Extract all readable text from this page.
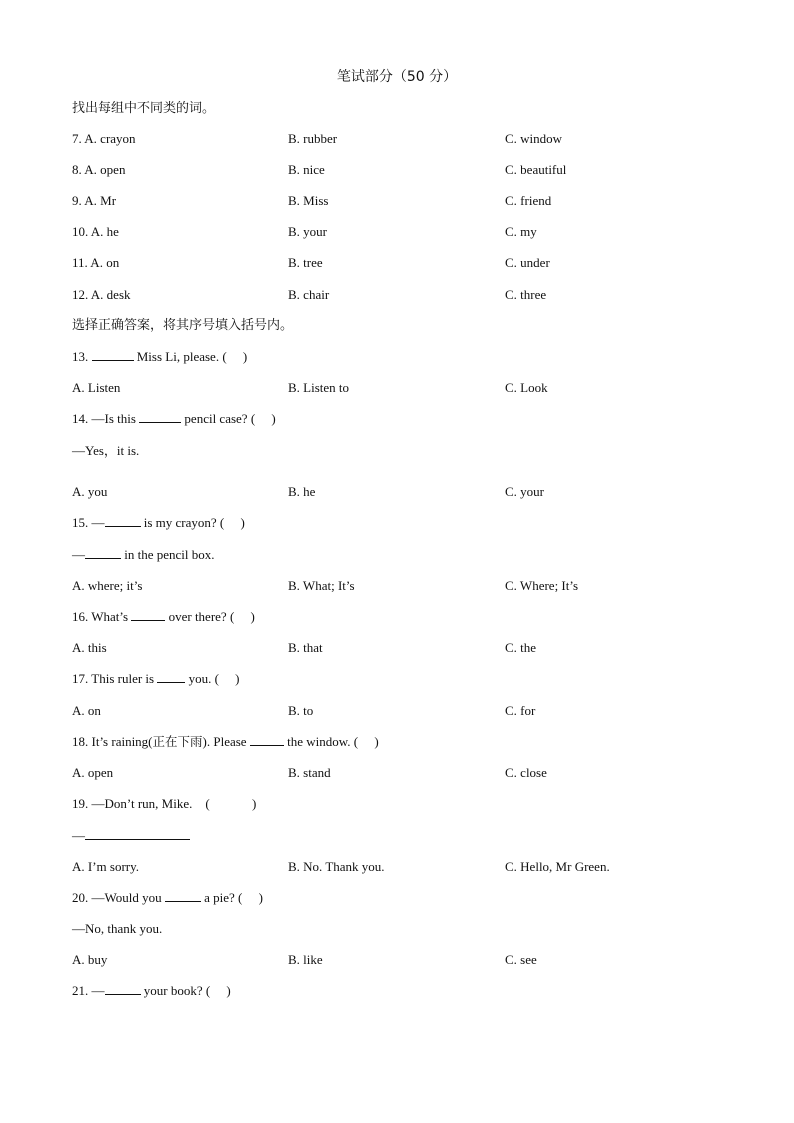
笔试部分（50 分）
找出每组中不同类的词。
7. A. crayon	B. rubber	C. window
8. A. open	B. nice	C. beautiful
9. A. Mr	B. Miss	C. friend
10. A. he	B. your	C. my
11. A. on	B. tree	C. under
12. A. desk	B. chair	C. three
选择正确答案，将其序号填入括号内。
13.	Miss Li, please. (　 )
A. Listen	B. Listen to	C. Look
14. —Is this	pencil case? (　 )
—Yes，it is.
A. you	B. he	C. your
15. —	is my crayon? (　 )
—	in the pencil box.
A. where; it’s	B. What; It’s	C. Where; It’s
16. What’s	over there? (　 )
A. this	B. that	C. the
17. This ruler is  you. (　 )
A. on	B. to	C. for
18. It’s raining(正在下雨). Please	the window. (　 )
A. open	B. stand	C. close
19. —Don’t run, Mike.　(　　　 )
—
A. I’m sorry.	B. No. Thank you.	C. Hello, Mr Green.
20. —Would you	a pie? (　 )
—No, thank you.
A. buy	B. like	C. see
21. —	your book? (　 )
